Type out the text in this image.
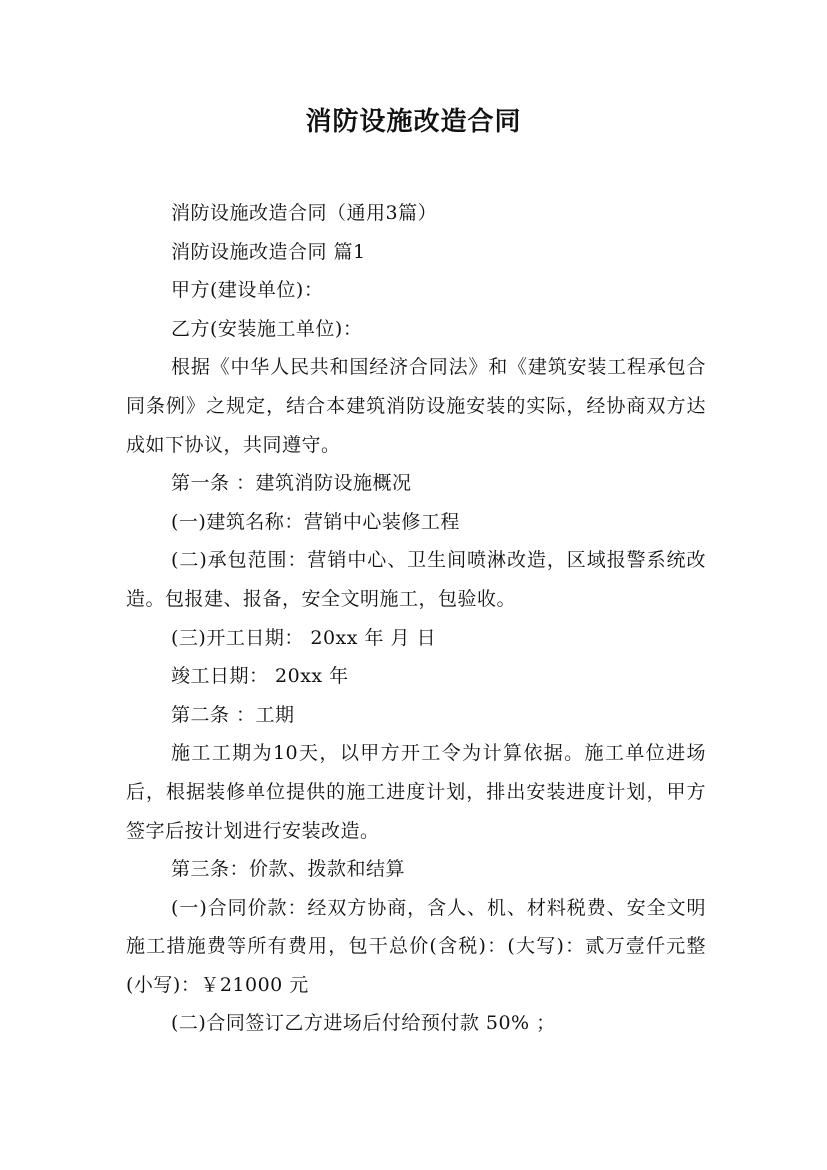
消防设施改造合同

消防设施改造合同（通用3篇）

消防设施改造合同 篇1

甲方(建设单位)：

乙方(安装施工单位)：

根据《中华人民共和国经济合同法》和《建筑安装工程承包合同条例》之规定，结合本建筑消防设施安装的实际，经协商双方达成如下协议，共同遵守。

第一条 ：建筑消防设施概况

(一)建筑名称：营销中心装修工程

(二)承包范围：营销中心、卫生间喷淋改造，区域报警系统改造。包报建、报备，安全文明施工，包验收。

(三)开工日期： 20xx 年 月 日

竣工日期： 20xx 年

第二条 ：工期

施工工期为10天，以甲方开工令为计算依据。施工单位进场后，根据装修单位提供的施工进度计划，排出安装进度计划，甲方签字后按计划进行安装改造。

第三条：价款、拨款和结算

(一)合同价款：经双方协商，含人、机、材料税费、安全文明施工措施费等所有费用，包干总价(含税)：(大写)：贰万壹仟元整(小写)：￥21000 元

(二)合同签订乙方进场后付给预付款 50% ；
